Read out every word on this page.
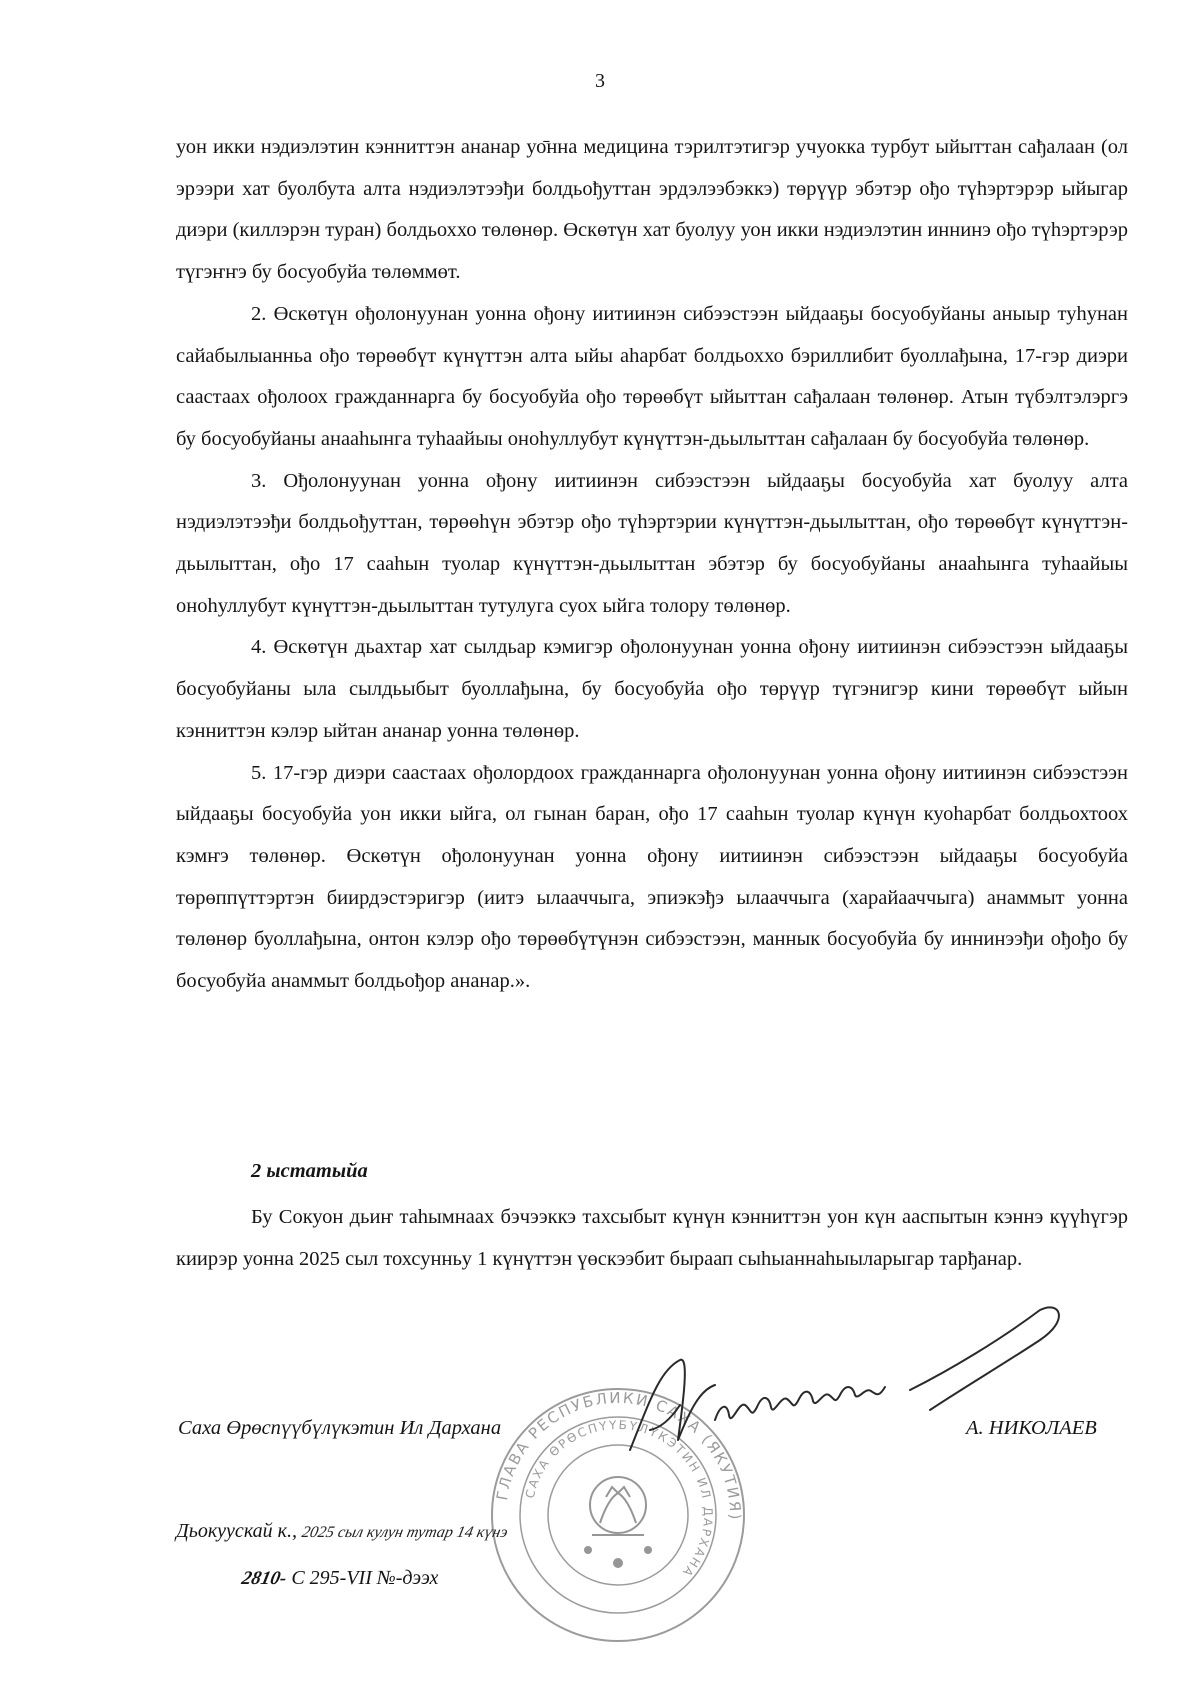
3

уон икки нэдиэлэтин кэнниттэн ананар уо̄нна медицина тэрилтэтигэр учуокка турбут ыйыттан сађалаан (ол эрээри хат буолбута алта нэдиэлэтээђи болдьођуттан эрдэлээбэккэ) төрүүр эбэтэр ођо түһэртэрэр ыйыгар диэри (киллэрэн туран) болдьоххо төлөнөр. Өскөтүн хат буолуу уон икки нэдиэлэтин иннинэ ођо түһэртэрэр түгэҥҥэ бу босуобуйа төлөммөт.

2. Өскөтүн ођолонуунан уонна ођону иитиинэн сибээстээн ыйдааҕы босуобуйаны аныыр туһунан сайабылыанньа ођо төрөөбүт күнүттэн алта ыйы аһарбат болдьоххо бэриллибит буоллађына, 17-гэр диэри саастаах ођолоох гражданнарга бу босуобуйа ођо төрөөбүт ыйыттан сађалаан төлөнөр. Атын түбэлтэлэргэ бу босуобуйаны анааһынга туһаайыы оноһуллубут күнүттэн-дьылыттан сађалаан бу босуобуйа төлөнөр.

3. Ођолонуунан уонна ођону иитиинэн сибээстээн ыйдааҕы босуобуйа хат буолуу алта нэдиэлэтээђи болдьођуттан, төрөөһүн эбэтэр ођо түһэртэрии күнүттэн-дьылыттан, ођо төрөөбүт күнүттэн-дьылыттан, ођо 17 сааһын туолар күнүттэн-дьылыттан эбэтэр бу босуобуйаны анааһынга туһаайыы оноһуллубут күнүттэн-дьылыттан тутулуга суох ыйга толору төлөнөр.

4. Өскөтүн дьахтар хат сылдьар кэмигэр ођолонуунан уонна ођону иитиинэн сибээстээн ыйдааҕы босуобуйаны ыла сылдьыбыт буоллађына, бу босуобуйа ођо төрүүр түгэнигэр кини төрөөбүт ыйын кэнниттэн кэлэр ыйтан ананар уонна төлөнөр.

5. 17-гэр диэри саастаах ођолордоох гражданнарга ођолонуунан уонна ођону иитиинэн сибээстээн ыйдааҕы босуобуйа уон икки ыйга, ол гынан баран, ођо 17 сааһын туолар күнүн куоһарбат болдьохтоох кэмҥэ төлөнөр. Өскөтүн ођолонуунан уонна ођону иитиинэн сибээстээн ыйдааҕы босуобуйа төрөппүттэртэн биирдэстэригэр (иитэ ылааччыга, эпиэкэђэ ылааччыга (харайааччыга) анаммыт уонна төлөнөр буоллађына, онтон кэлэр ођо төрөөбүтүнэн сибээстээн, маннык босуобуйа бу иннинээђи ођођо бу босуобуйа анаммыт болдьођор ананар.».

2 ыстатыйа

Бу Сокуон дьиҥ таһымнаах бэчээккэ тахсыбыт күнүн кэнниттэн уон күн ааспытын кэннэ күүһүгэр киирэр уонна 2025 сыл тохсунньу 1 күнүттэн үөскээбит быраап сыһыаннаһыыларыгар тарђанар.

ГЛАВА РЕСПУБЛИКИ САХА (ЯКУТИЯ)
САХА ӨРӨСПҮҮБҮЛҮКЭТИН ИЛ ДАРХАНА

Саха Өрөспүүбүлүкэтин Ил Дархана	А. НИКОЛАЕВ

Дьокуускай к., 2025 сыл кулун тутар 14 күнэ

2810- С 295-VII №-дээх
